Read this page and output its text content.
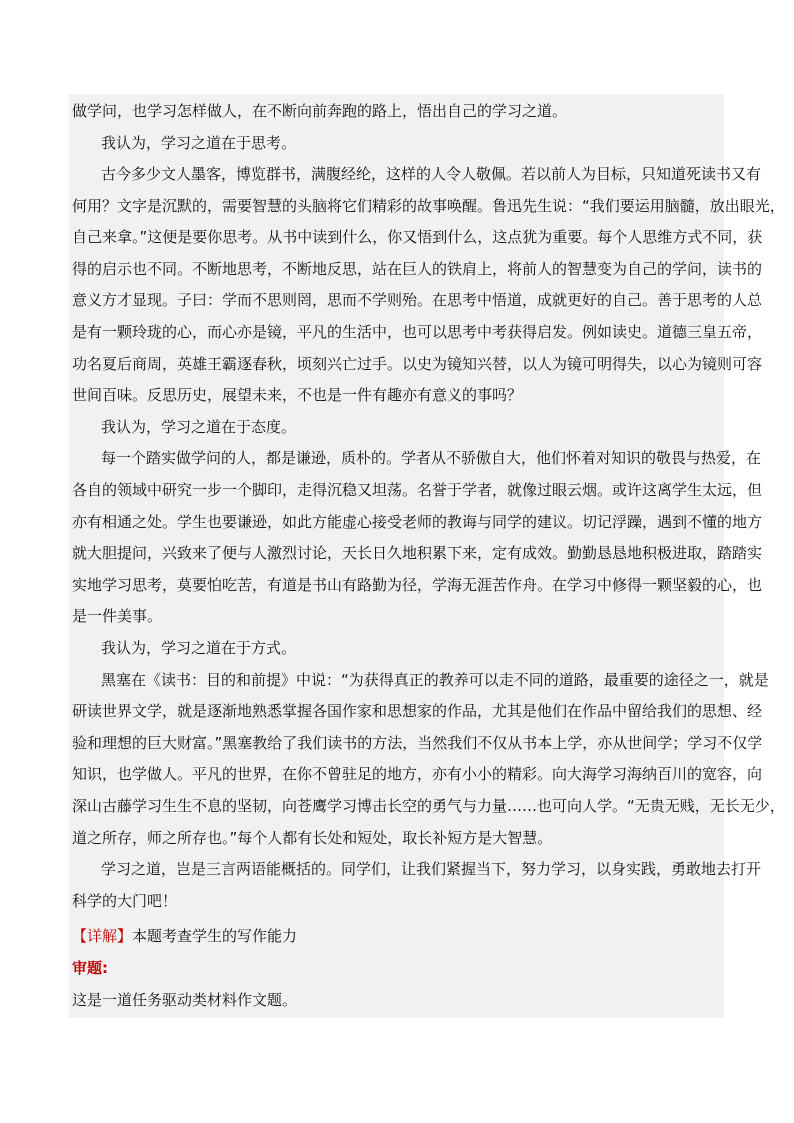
做学问，也学习怎样做人，在不断向前奔跑的路上，悟出自己的学习之道。
我认为，学习之道在于思考。
古今多少文人墨客，博览群书，满腹经纶，这样的人令人敬佩。若以前人为目标，只知道死读书又有
何用？文字是沉默的，需要智慧的头脑将它们精彩的故事唤醒。鲁迅先生说：“我们要运用脑髓，放出眼光，
自己来拿。”这便是要你思考。从书中读到什么，你又悟到什么，这点犹为重要。每个人思维方式不同，获
得的启示也不同。不断地思考，不断地反思，站在巨人的铁肩上，将前人的智慧变为自己的学问，读书的
意义方才显现。子曰：学而不思则罔，思而不学则殆。在思考中悟道，成就更好的自己。善于思考的人总
是有一颗玲珑的心，而心亦是镜，平凡的生活中，也可以思考中考获得启发。例如读史。道德三皇五帝，
功名夏后商周，英雄王霸逐春秋，顷刻兴亡过手。以史为镜知兴替，以人为镜可明得失，以心为镜则可容
世间百味。反思历史，展望未来，不也是一件有趣亦有意义的事吗？
我认为，学习之道在于态度。
每一个踏实做学问的人，都是谦逊，质朴的。学者从不骄傲自大，他们怀着对知识的敬畏与热爱，在
各自的领域中研究一步一个脚印，走得沉稳又坦荡。名誉于学者，就像过眼云烟。或许这离学生太远，但
亦有相通之处。学生也要谦逊，如此方能虚心接受老师的教诲与同学的建议。切记浮躁，遇到不懂的地方
就大胆提问，兴致来了便与人激烈讨论，天长日久地积累下来，定有成效。勤勤恳恳地积极进取，踏踏实
实地学习思考，莫要怕吃苦，有道是书山有路勤为径，学海无涯苦作舟。在学习中修得一颗坚毅的心，也
是一件美事。
我认为，学习之道在于方式。
黑塞在《读书：目的和前提》中说：“为获得真正的教养可以走不同的道路，最重要的途径之一，就是
研读世界文学，就是逐渐地熟悉掌握各国作家和思想家的作品，尤其是他们在作品中留给我们的思想、经
验和理想的巨大财富。”黑塞教给了我们读书的方法，当然我们不仅从书本上学，亦从世间学；学习不仅学
知识，也学做人。平凡的世界，在你不曾驻足的地方，亦有小小的精彩。向大海学习海纳百川的宽容，向
深山古藤学习生生不息的坚韧，向苍鹰学习博击长空的勇气与力量……也可向人学。“无贵无贱，无长无少，
道之所存，师之所存也。”每个人都有长处和短处，取长补短方是大智慧。
学习之道，岂是三言两语能概括的。同学们，让我们紧握当下，努力学习，以身实践，勇敢地去打开
科学的大门吧！
【详解】本题考查学生的写作能力
审题:
这是一道任务驱动类材料作文题。
